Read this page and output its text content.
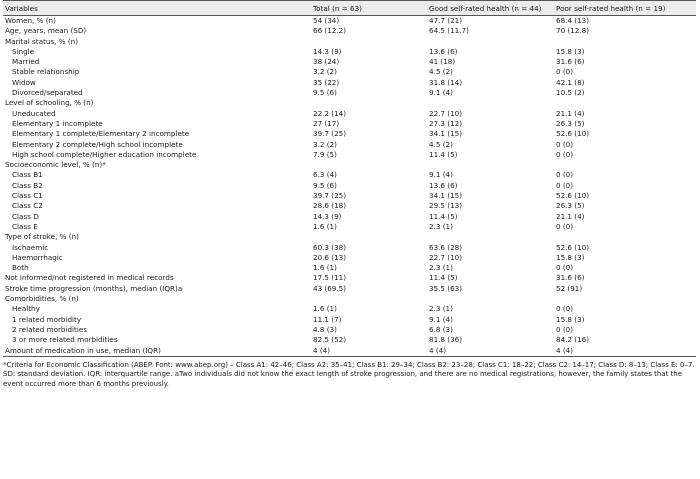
Variables	Total (n = 63)	Good self-rated health (n = 44)	Poor self-rated health (n = 19)
Women, % (n)	54 (34)	47.7 (21)	68.4 (13)
Age, years, mean (SD)	66 (12.2)	64.5 (11.7)	70 (12.8)
Marital status, % (n)			
Single	14.3 (9)	13.6 (6)	15.8 (3)
Married	38 (24)	41 (18)	31.6 (6)
Stable relationship	3.2 (2)	4.5 (2)	0 (0)
Widow	35 (22)	31.8 (14)	42.1 (8)
Divorced/separated	9.5 (6)	9.1 (4)	10.5 (2)
Level of schooling, % (n)			
Uneducated	22.2 (14)	22.7 (10)	21.1 (4)
Elementary 1 incomplete	27 (17)	27.3 (12)	26.3 (5)
Elementary 1 complete/Elementary 2 incomplete	39.7 (25)	34.1 (15)	52.6 (10)
Elementary 2 complete/High school incomplete	3.2 (2)	4.5 (2)	0 (0)
High school complete/Higher education incomplete	7.9 (5)	11.4 (5)	0 (0)
Socioeconomic level, % (n)*			
Class B1	6.3 (4)	9.1 (4)	0 (0)
Class B2	9.5 (6)	13.6 (6)	0 (0)
Class C1	39.7 (25)	34.1 (15)	52.6 (10)
Class C2	28.6 (18)	29.5 (13)	26.3 (5)
Class D	14.3 (9)	11.4 (5)	21.1 (4)
Class E	1.6 (1)	2.3 (1)	0 (0)
Type of stroke, % (n)			
Ischaemic	60.3 (38)	63.6 (28)	52.6 (10)
Haemorrhagic	20.6 (13)	22.7 (10)	15.8 (3)
Both	1.6 (1)	2.3 (1)	0 (0)
Not informed/not registered in medical records	17.5 (11)	11.4 (5)	31.6 (6)
Stroke time progression (months), median (IQR)a	43 (69.5)	35.5 (63)	52 (91)
Comorbidities, % (n)			
Healthy	1.6 (1)	2.3 (1)	0 (0)
1 related morbidity	11.1 (7)	9.1 (4)	15.8 (3)
2 related morbidities	4.8 (3)	6.8 (3)	0 (0)
3 or more related morbidities	82.5 (52)	81.8 (36)	84.2 (16)
Amount of medication in use, median (IQR)	4 (4)	4 (4)	4 (4)
*Criteria for Economic Classification (ABEP. Font: www.abep.org) – Class A1: 42–46; Class A2: 35–41; Class B1: 29–34; Class B2: 23–28; Class C1: 18–22; Class C2: 14–17; Class D: 8–13; Class E: 0–7. SD: standard deviation. IQR: interquartile range. aTwo individuals did not know the exact length of stroke progression, and there are no medical registrations; however, the family states that the event occurred more than 6 months previously.
